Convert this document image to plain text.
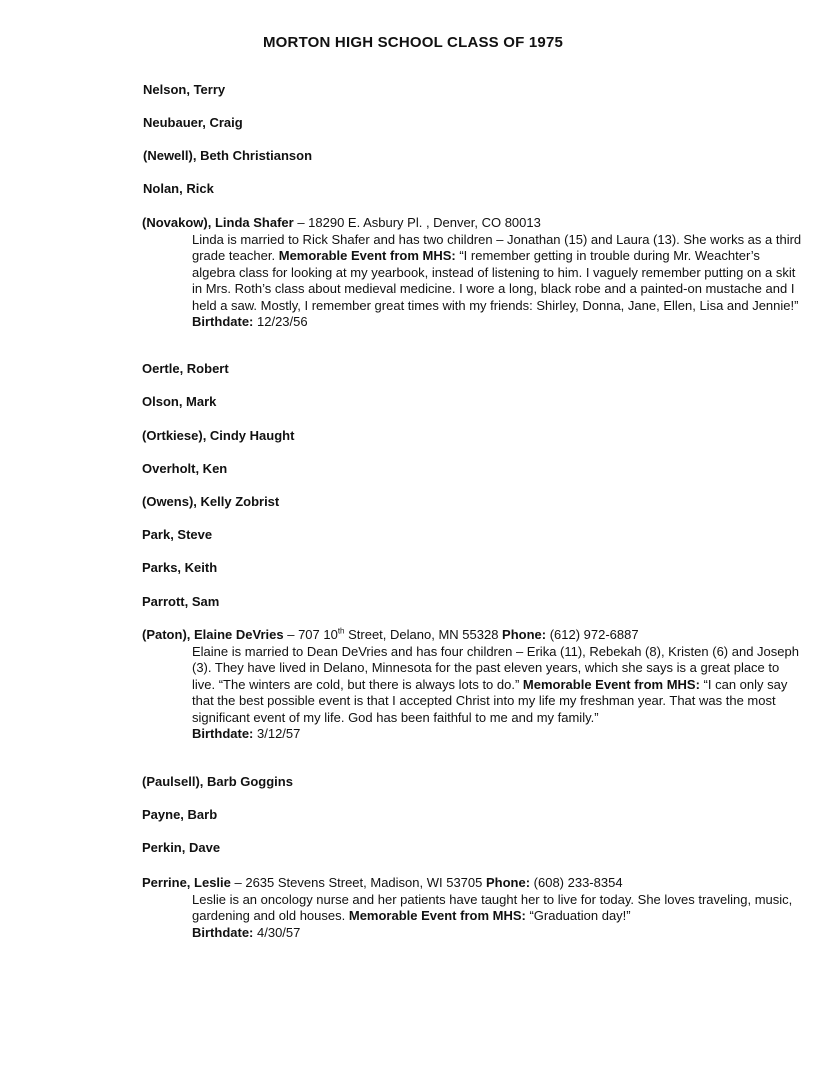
MORTON HIGH SCHOOL CLASS OF 1975
Nelson, Terry
Neubauer, Craig
(Newell), Beth Christianson
Nolan, Rick
(Novakow), Linda Shafer – 18290 E. Asbury Pl. , Denver, CO 80013
Linda is married to Rick Shafer and has two children – Jonathan (15) and Laura (13). She works as a third grade teacher. Memorable Event from MHS: “I remember getting in trouble during Mr. Weachter’s algebra class for looking at my yearbook, instead of listening to him. I vaguely remember putting on a skit in Mrs. Roth’s class about medieval medicine. I wore a long, black robe and a painted-on mustache and I held a saw. Mostly, I remember great times with my friends: Shirley, Donna, Jane, Ellen, Lisa and Jennie!”
Birthdate: 12/23/56
Oertle, Robert
Olson, Mark
(Ortkiese), Cindy Haught
Overholt, Ken
(Owens), Kelly Zobrist
Park, Steve
Parks, Keith
Parrott, Sam
(Paton), Elaine DeVries – 707 10th Street, Delano, MN 55328 Phone: (612) 972-6887
Elaine is married to Dean DeVries and has four children – Erika (11), Rebekah (8), Kristen (6) and Joseph (3). They have lived in Delano, Minnesota for the past eleven years, which she says is a great place to live. “The winters are cold, but there is always lots to do.” Memorable Event from MHS: “I can only say that the best possible event is that I accepted Christ into my life my freshman year. That was the most significant event of my life. God has been faithful to me and my family.”
Birthdate: 3/12/57
(Paulsell), Barb Goggins
Payne, Barb
Perkin, Dave
Perrine, Leslie – 2635 Stevens Street, Madison, WI 53705 Phone: (608) 233-8354
Leslie is an oncology nurse and her patients have taught her to live for today. She loves traveling, music, gardening and old houses. Memorable Event from MHS: “Graduation day!”
Birthdate: 4/30/57
